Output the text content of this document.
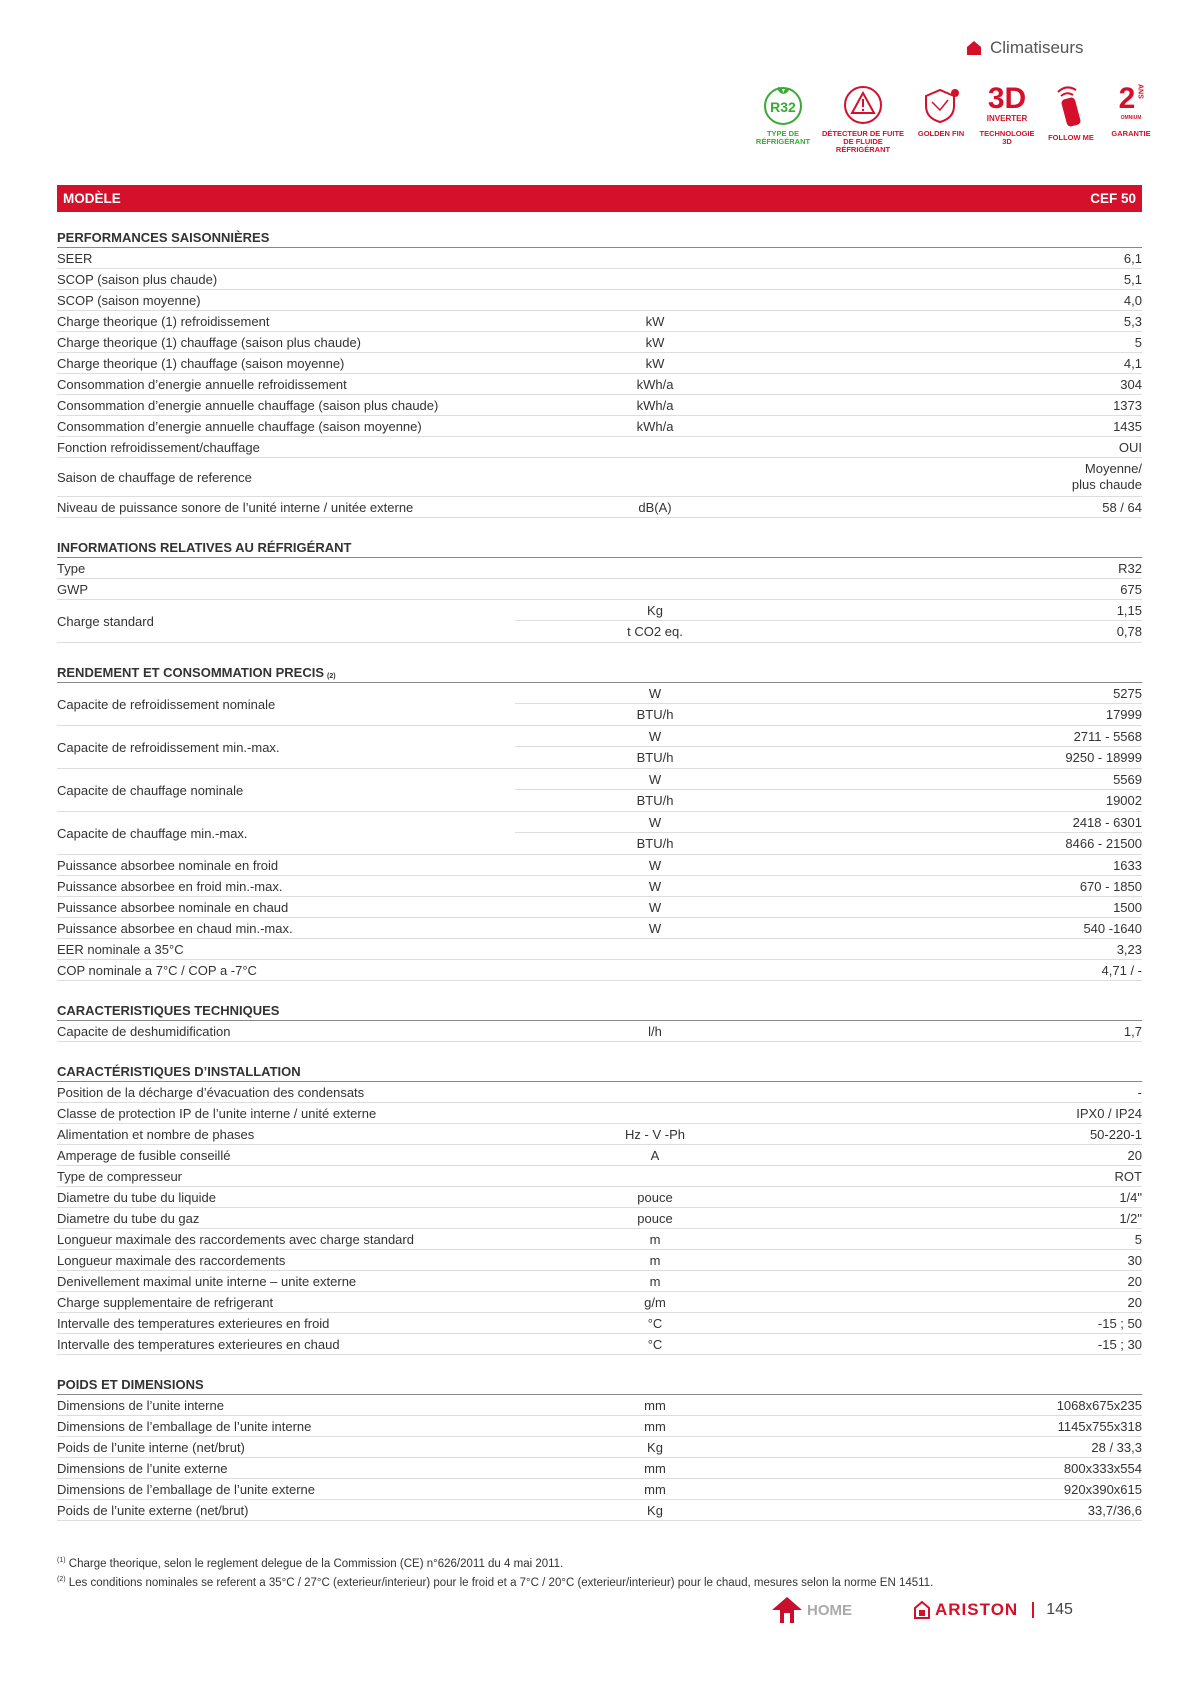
Climatiseurs
R32
TYPE DE RÉFRIGÉRANT
DÉTECTEUR DE FUITE DE FLUIDE RÉFRIGÉRANT
GOLDEN FIN
3D
INVERTER
TECHNOLOGIE 3D	FOLLOW ME
2 ANS
OMNIUM
GARANTIE
MODÈLE	CEF 50
PERFORMANCES SAISONNIÈRES
SEER	6,1
SCOP (saison plus chaude)	5,1
SCOP (saison moyenne)	4,0
Charge theorique (1) refroidissement	kW	5,3
Charge theorique (1) chauffage (saison plus chaude)	kW	5
Charge theorique (1) chauffage (saison moyenne)	kW	4,1
Consommation d’energie annuelle refroidissement	kWh/a	304
Consommation d’energie annuelle chauffage (saison plus chaude)	kWh/a	1373
Consommation d’energie annuelle chauffage (saison moyenne)	kWh/a	1435
Fonction refroidissement/chauffage	OUI
Saison de chauffage de reference
Moyenne/
plus chaude
Niveau de puissance sonore de l’unité interne / unitée externe	dB(A)	58 / 64
INFORMATIONS RELATIVES AU RÉFRIGÉRANT
Type	R32
GWP	675
Charge standard
Kg	1,15
t CO2 eq.	0,78
RENDEMENT ET CONSOMMATION PRECIS $_{(2)}$
Capacite de refroidissement nominale
W	5275
BTU/h	17999
Capacite de refroidissement min.-max.
W	2711 - 5568
BTU/h	9250 - 18999
Capacite de chauffage nominale
W	5569
BTU/h	19002
Capacite de chauffage min.-max.
W	2418 - 6301
BTU/h	8466 - 21500
Puissance absorbee nominale en froid	W	1633
Puissance absorbee en froid min.-max.	W	670 - 1850
Puissance absorbee nominale en chaud	W	1500
Puissance absorbee en chaud min.-max.	W	540 -1640
EER nominale a 35°C	3,23
COP nominale a 7°C / COP a -7°C	4,71 / -
CARACTERISTIQUES TECHNIQUES
Capacite de deshumidification	l/h	1,7
CARACTÉRISTIQUES D’INSTALLATION
Position de la décharge d’évacuation des condensats	-
Classe de protection IP de l’unite interne / unité externe	IPX0 / IP24
Alimentation et nombre de phases	Hz - V -Ph	50-220-1
Amperage de fusible conseillé	A	20
Type de compresseur	ROT
Diametre du tube du liquide	pouce	1/4"
Diametre du tube du gaz	pouce	1/2"
Longueur maximale des raccordements avec charge standard	m	5
Longueur maximale des raccordements	m	30
Denivellement maximal unite interne – unite externe	m	20
Charge supplementaire de refrigerant	g/m	20
Intervalle des temperatures exterieures en froid	°C	-15 ; 50
Intervalle des temperatures exterieures en chaud	°C	-15 ; 30
POIDS ET DIMENSIONS
Dimensions de l’unite interne	mm	1068x675x235
Dimensions de l’emballage de l’unite interne	mm	1145x755x318
Poids de l’unite interne (net/brut)	Kg	28 / 33,3
Dimensions de l’unite externe	mm	800x333x554
Dimensions de l’emballage de l’unite externe	mm	920x390x615
Poids de l’unite externe (net/brut)	Kg	33,7/36,6
$^{(1)}$ Charge theorique, selon le reglement delegue de la Commission (CE) n°626/2011 du 4 mai 2011.
$^{(2)}$ Les conditions nominales se referent a 35°C / 27°C (exterieur/interieur) pour le froid et a 7°C / 20°C (exterieur/interieur) pour le chaud, mesures selon la norme EN 14511.
HOME	ARISTON	145
